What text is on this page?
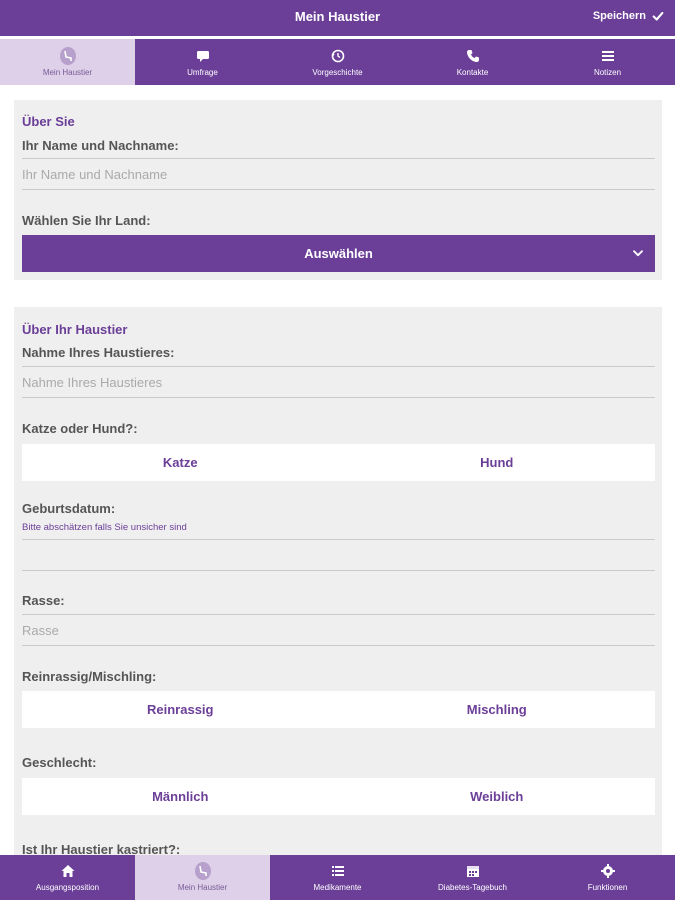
Mein Haustier	Speichern
Mein Haustier	Umfrage	Vorgeschichte	Kontakte	Notizen
Über Sie
Ihr Name und Nachname:
Ihr Name und Nachname
Wählen Sie Ihr Land:
Auswählen
Über Ihr Haustier
Nahme Ihres Haustieres:
Nahme Ihres Haustieres
Katze oder Hund?:
Katze	Hund
Geburtsdatum:
Bitte abschätzen falls Sie unsicher sind
Rasse:
Rasse
Reinrassig/Mischling:
Reinrassig	Mischling
Geschlecht:
Männlich	Weiblich
Ist Ihr Haustier kastriert?:
Ausgangsposition	Mein Haustier	Medikamente	Diabetes-Tagebuch	Funktionen
